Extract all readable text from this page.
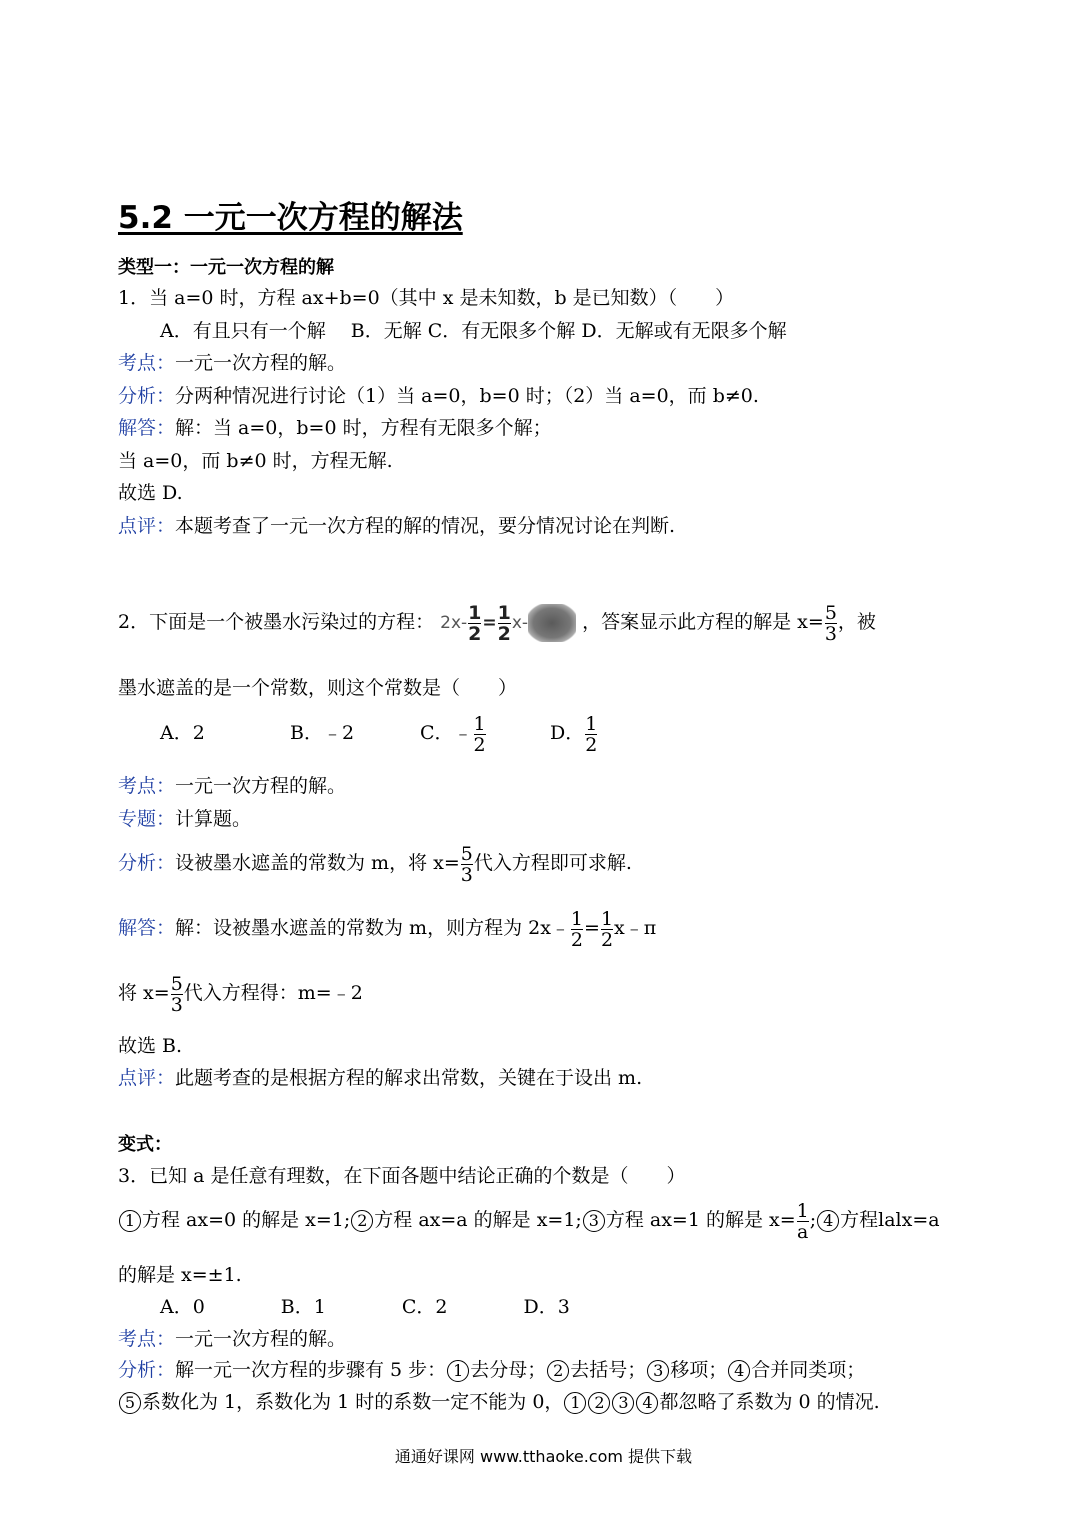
5.2 一元一次方程的解法
类型一：一元一次方程的解
1．当 a=0 时，方程 ax+b=0（其中 x 是未知数，b 是已知数）（　　）
A．有且只有一个解　 B．无解 C．有无限多个解 D．无解或有无限多个解
考点：一元一次方程的解。
分析：分两种情况进行讨论（1）当 a=0，b=0 时；（2）当 a=0，而 b≠0.
解答：解：当 a=0，b=0 时，方程有无限多个解；
当 a=0，而 b≠0 时，方程无解.
故选 D.
点评：本题考查了一元一次方程的解的情况，要分情况讨论在判断.
2．下面是一个被墨水污染过的方程： $2x- \frac{1}{2} = \frac{1}{2} x-$	，答案显示此方程的解是 $x= \frac{5}{3}$ ，被
墨水遮盖的是一个常数，则这个常数是（　　）
A．2	B．﹣2	C．﹣ $\frac{1}{2}$	D． $\frac{1}{2}$
考点：一元一次方程的解。
专题：计算题。
分析：设被墨水遮盖的常数为 m，将 $x= \frac{5}{3}$ 代入方程即可求解.
解答：解：设被墨水遮盖的常数为 m，则方程为 2x﹣ $\frac{1}{2} = \frac{1}{2}$ x﹣π
将 $x= \frac{5}{3}$ 代入方程得：m=﹣2
故选 B.
点评：此题考查的是根据方程的解求出常数，关键在于设出 m.
变式：
3．已知 a 是任意有理数，在下面各题中结论正确的个数是（　　）
1 方程 ax=0 的解是 x=1; 2 方程 ax=a 的解是 x=1; 3 方程 ax=1 的解是 $x= \frac{1}{a}$ ; 4 方程lalx=a
的解是 x=±1.
A．0　　　　B．1　　　　C．2　　　　D．3
考点：一元一次方程的解。
分析：解一元一次方程的步骤有 5 步： 1 去分母； 2 去括号； 3 移项； 4 合并同类项；
5 系数化为 1，系数化为 1 时的系数一定不能为 0， 1 2 3 4 都忽略了系数为 0 的情况.
通通好课网 www.tthaoke.com 提供下载
